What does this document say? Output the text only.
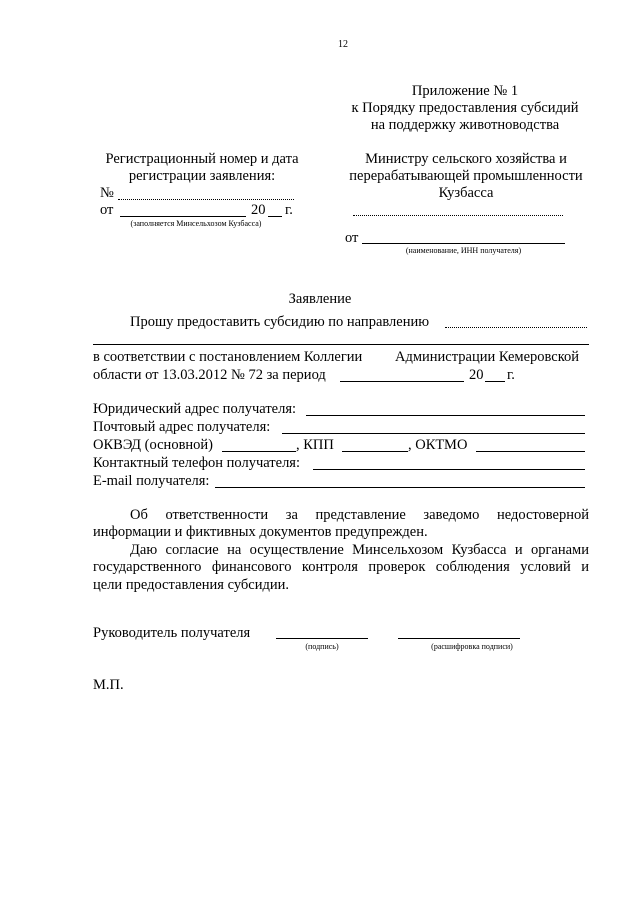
12
Приложение № 1
к Порядку предоставления субсидий
на поддержку животноводства
Регистрационный номер и дата
регистрации заявления:
№
от	20 г.
(заполняется Минсельхозом Кузбасса)
Министру сельского хозяйства и
перерабатывающей промышленности
Кузбасса
от
(наименование, ИНН получателя)
Заявление
Прошу предоставить субсидию по направлению
в соответствии с постановлением Коллегии Администрации Кемеровской
области от 13.03.2012 № 72 за период	20 г.
Юридический адрес получателя:
Почтовый адрес получателя:
ОКВЭД (основной)	, КПП	, ОКТМО
Контактный телефон получателя:
E-mail получателя:
Об ответственности за представление заведомо недостоверной
информации и фиктивных документов предупрежден.
Даю согласие на осуществление Минсельхозом Кузбасса и органами
государственного финансового контроля проверок соблюдения условий и
цели предоставления субсидии.
Руководитель получателя
(подпись)	(расшифровка подписи)
М.П.
